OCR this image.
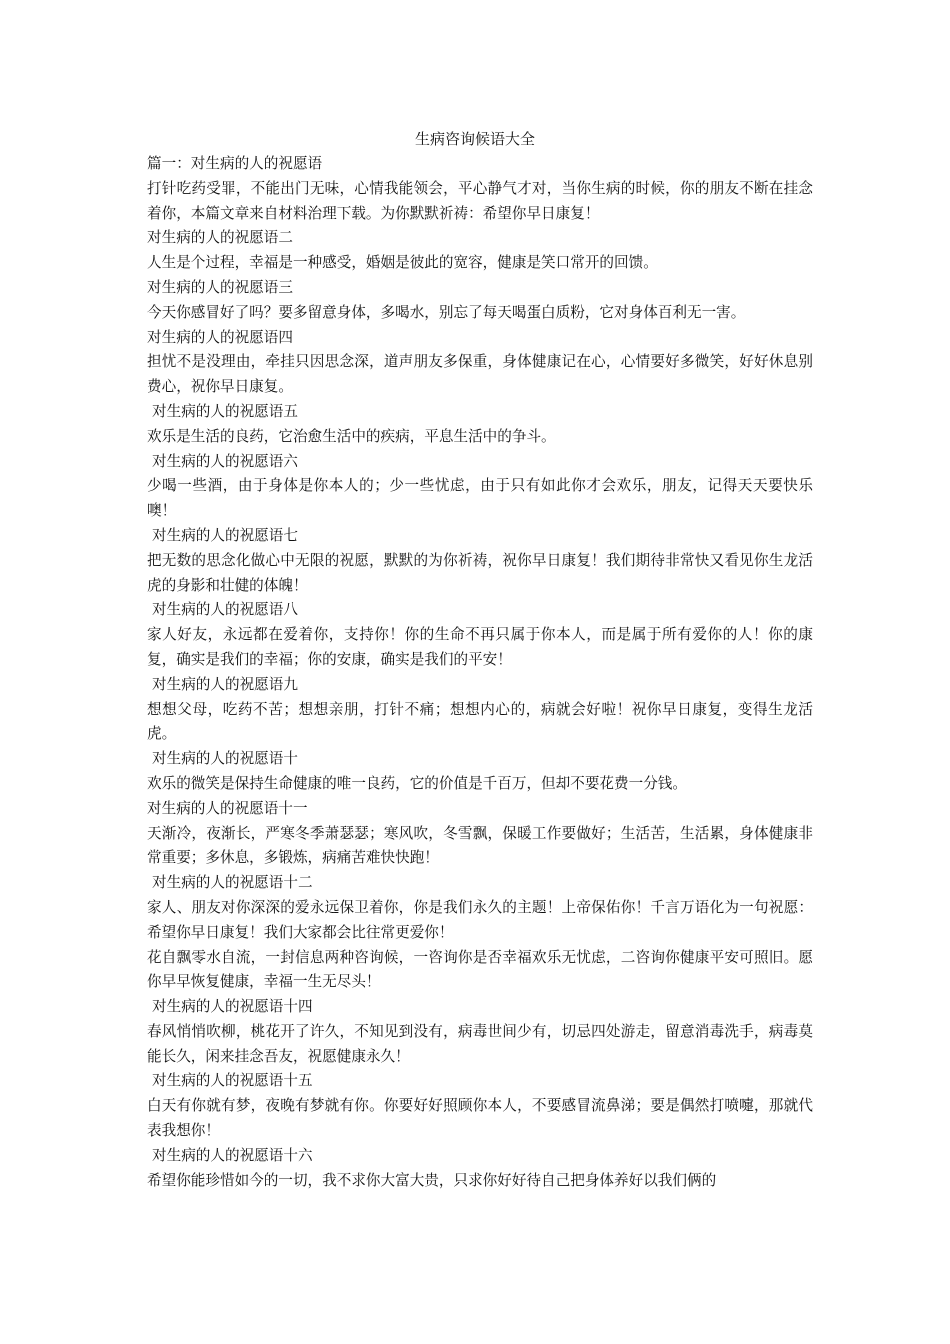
生病咨询候语大全

篇一：对生病的人的祝愿语

打针吃药受罪，不能出门无味，心情我能领会，平心静气才对，当你生病的时候，你的朋友不断在挂念着你，本篇文章来自材料治理下载。为你默默祈祷：希望你早日康复！

对生病的人的祝愿语二

人生是个过程，幸福是一种感受，婚姻是彼此的宽容，健康是笑口常开的回馈。

对生病的人的祝愿语三

今天你感冒好了吗？要多留意身体，多喝水，别忘了每天喝蛋白质粉，它对身体百利无一害。

对生病的人的祝愿语四

担忧不是没理由，牵挂只因思念深，道声朋友多保重，身体健康记在心，心情要好多微笑，好好休息别费心，祝你早日康复。

对生病的人的祝愿语五

欢乐是生活的良药，它治愈生活中的疾病，平息生活中的争斗。

对生病的人的祝愿语六

少喝一些酒，由于身体是你本人的；少一些忧虑，由于只有如此你才会欢乐，朋友，记得天天要快乐噢！

对生病的人的祝愿语七

把无数的思念化做心中无限的祝愿，默默的为你祈祷，祝你早日康复！我们期待非常快又看见你生龙活虎的身影和壮健的体魄！

对生病的人的祝愿语八

家人好友，永远都在爱着你，支持你！你的生命不再只属于你本人，而是属于所有爱你的人！你的康复，确实是我们的幸福；你的安康，确实是我们的平安！

对生病的人的祝愿语九

想想父母，吃药不苦；想想亲朋，打针不痛；想想内心的，病就会好啦！祝你早日康复，变得生龙活虎。

对生病的人的祝愿语十

欢乐的微笑是保持生命健康的唯一良药，它的价值是千百万，但却不要花费一分钱。

对生病的人的祝愿语十一

天渐冷，夜渐长，严寒冬季萧瑟瑟；寒风吹，冬雪飘，保暖工作要做好；生活苦，生活累，身体健康非常重要；多休息，多锻炼，病痛苦难快快跑！

对生病的人的祝愿语十二

家人、朋友对你深深的爱永远保卫着你，你是我们永久的主题！上帝保佑你！千言万语化为一句祝愿：希望你早日康复！我们大家都会比往常更爱你！

花自飘零水自流，一封信息两种咨询候，一咨询你是否幸福欢乐无忧虑，二咨询你健康平安可照旧。愿你早早恢复健康，幸福一生无尽头！

对生病的人的祝愿语十四

春风悄悄吹柳，桃花开了许久，不知见到没有，病毒世间少有，切忌四处游走，留意消毒洗手，病毒莫能长久，闲来挂念吾友，祝愿健康永久！

对生病的人的祝愿语十五

白天有你就有梦，夜晚有梦就有你。你要好好照顾你本人，不要感冒流鼻涕；要是偶然打喷嚏，那就代表我想你！

对生病的人的祝愿语十六

希望你能珍惜如今的一切，我不求你大富大贵，只求你好好待自己把身体养好以我们俩的
